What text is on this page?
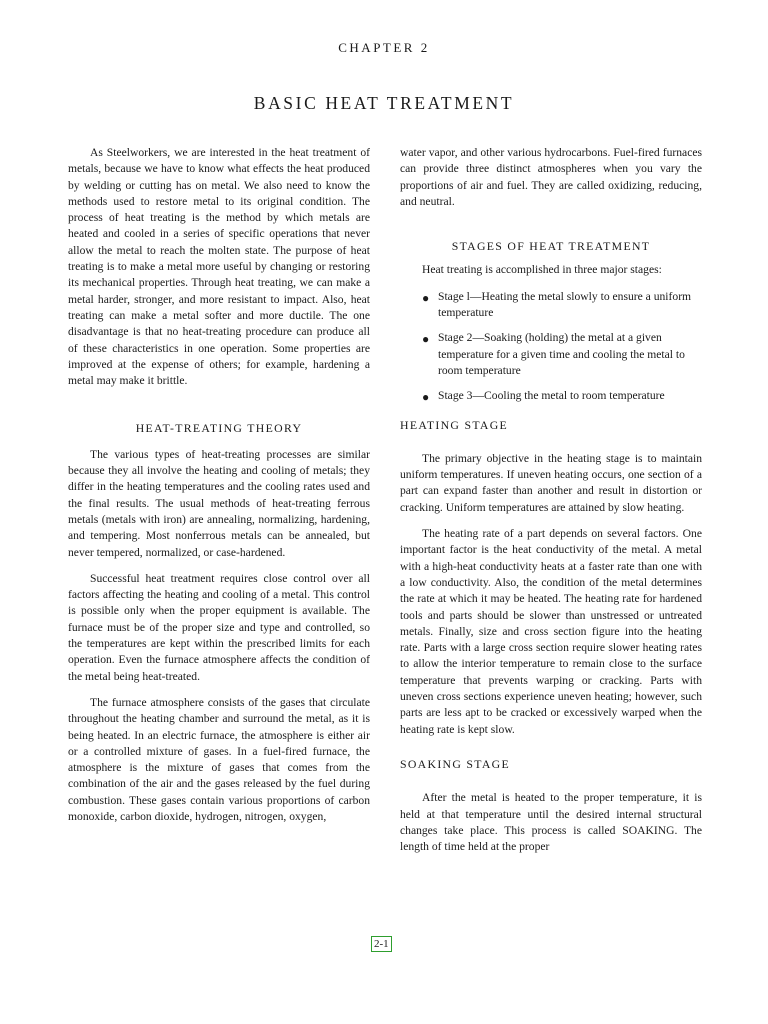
CHAPTER 2
BASIC HEAT TREATMENT

As Steelworkers, we are interested in the heat treatment of metals, because we have to know what effects the heat produced by welding or cutting has on metal. We also need to know the methods used to restore metal to its original condition. The process of heat treating is the method by which metals are heated and cooled in a series of specific operations that never allow the metal to reach the molten state. The purpose of heat treating is to make a metal more useful by changing or restoring its mechanical properties. Through heat treating, we can make a metal harder, stronger, and more resistant to impact. Also, heat treating can make a metal softer and more ductile. The one disadvantage is that no heat-treating procedure can produce all of these characteristics in one operation. Some properties are improved at the expense of others; for example, hardening a metal may make it brittle.

HEAT-TREATING THEORY

The various types of heat-treating processes are similar because they all involve the heating and cooling of metals; they differ in the heating temperatures and the cooling rates used and the final results. The usual methods of heat-treating ferrous metals (metals with iron) are annealing, normalizing, hardening, and tempering. Most nonferrous metals can be annealed, but never tempered, normalized, or case-hardened.

Successful heat treatment requires close control over all factors affecting the heating and cooling of a metal. This control is possible only when the proper equipment is available. The furnace must be of the proper size and type and controlled, so the temperatures are kept within the prescribed limits for each operation. Even the furnace atmosphere affects the condition of the metal being heat-treated.

The furnace atmosphere consists of the gases that circulate throughout the heating chamber and surround the metal, as it is being heated. In an electric furnace, the atmosphere is either air or a controlled mixture of gases. In a fuel-fired furnace, the atmosphere is the mixture of gases that comes from the combination of the air and the gases released by the fuel during combustion. These gases contain various proportions of carbon monoxide, carbon dioxide, hydrogen, nitrogen, oxygen,

water vapor, and other various hydrocarbons. Fuel-fired furnaces can provide three distinct atmospheres when you vary the proportions of air and fuel. They are called oxidizing, reducing, and neutral.

STAGES OF HEAT TREATMENT
Heat treating is accomplished in three major stages:
● Stage l—Heating the metal slowly to ensure a uniform temperature
● Stage 2—Soaking (holding) the metal at a given temperature for a given time and cooling the metal to room temperature
● Stage 3—Cooling the metal to room temperature
HEATING STAGE

The primary objective in the heating stage is to maintain uniform temperatures. If uneven heating occurs, one section of a part can expand faster than another and result in distortion or cracking. Uniform temperatures are attained by slow heating.

The heating rate of a part depends on several factors. One important factor is the heat conductivity of the metal. A metal with a high-heat conductivity heats at a faster rate than one with a low conductivity. Also, the condition of the metal determines the rate at which it may be heated. The heating rate for hardened tools and parts should be slower than unstressed or untreated metals. Finally, size and cross section figure into the heating rate. Parts with a large cross section require slower heating rates to allow the interior temperature to remain close to the surface temperature that prevents warping or cracking. Parts with uneven cross sections experience uneven heating; however, such parts are less apt to be cracked or excessively warped when the heating rate is kept slow.

SOAKING STAGE

After the metal is heated to the proper temperature, it is held at that temperature until the desired internal structural changes take place. This process is called SOAKING. The length of time held at the proper

2-1
